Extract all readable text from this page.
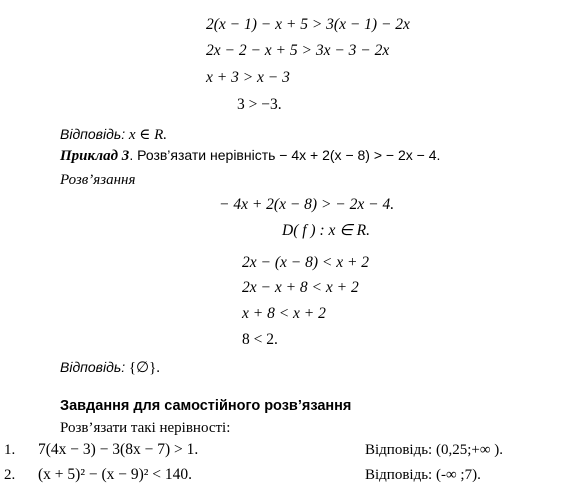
2(x − 1) − x + 5 > 3(x − 1) − 2x
2x − 2 − x + 5 > 3x − 3 − 2x
x + 3 > x − 3
3 > −3.
Відповідь: x ∈ R.
Приклад 3. Розв’язати нерівність − 4x + 2(x − 8) > − 2x − 4.
Розв’язання
− 4x + 2(x − 8) > − 2x − 4.
D( f ) : x ∈ R.
2x − (x − 8) < x + 2
2x − x + 8 < x + 2
x + 8 < x + 2
8 < 2.
Відповідь: {∅}.
Завдання для самостійного розв’язання
Розв’язати такі нерівності:
1. 7(4x − 3) − 3(8x − 7) > 1.	Відповідь: (0,25;+∞ ).
2. (x + 5)² − (x − 9)² < 140.	Відповідь: (-∞ ;7).
